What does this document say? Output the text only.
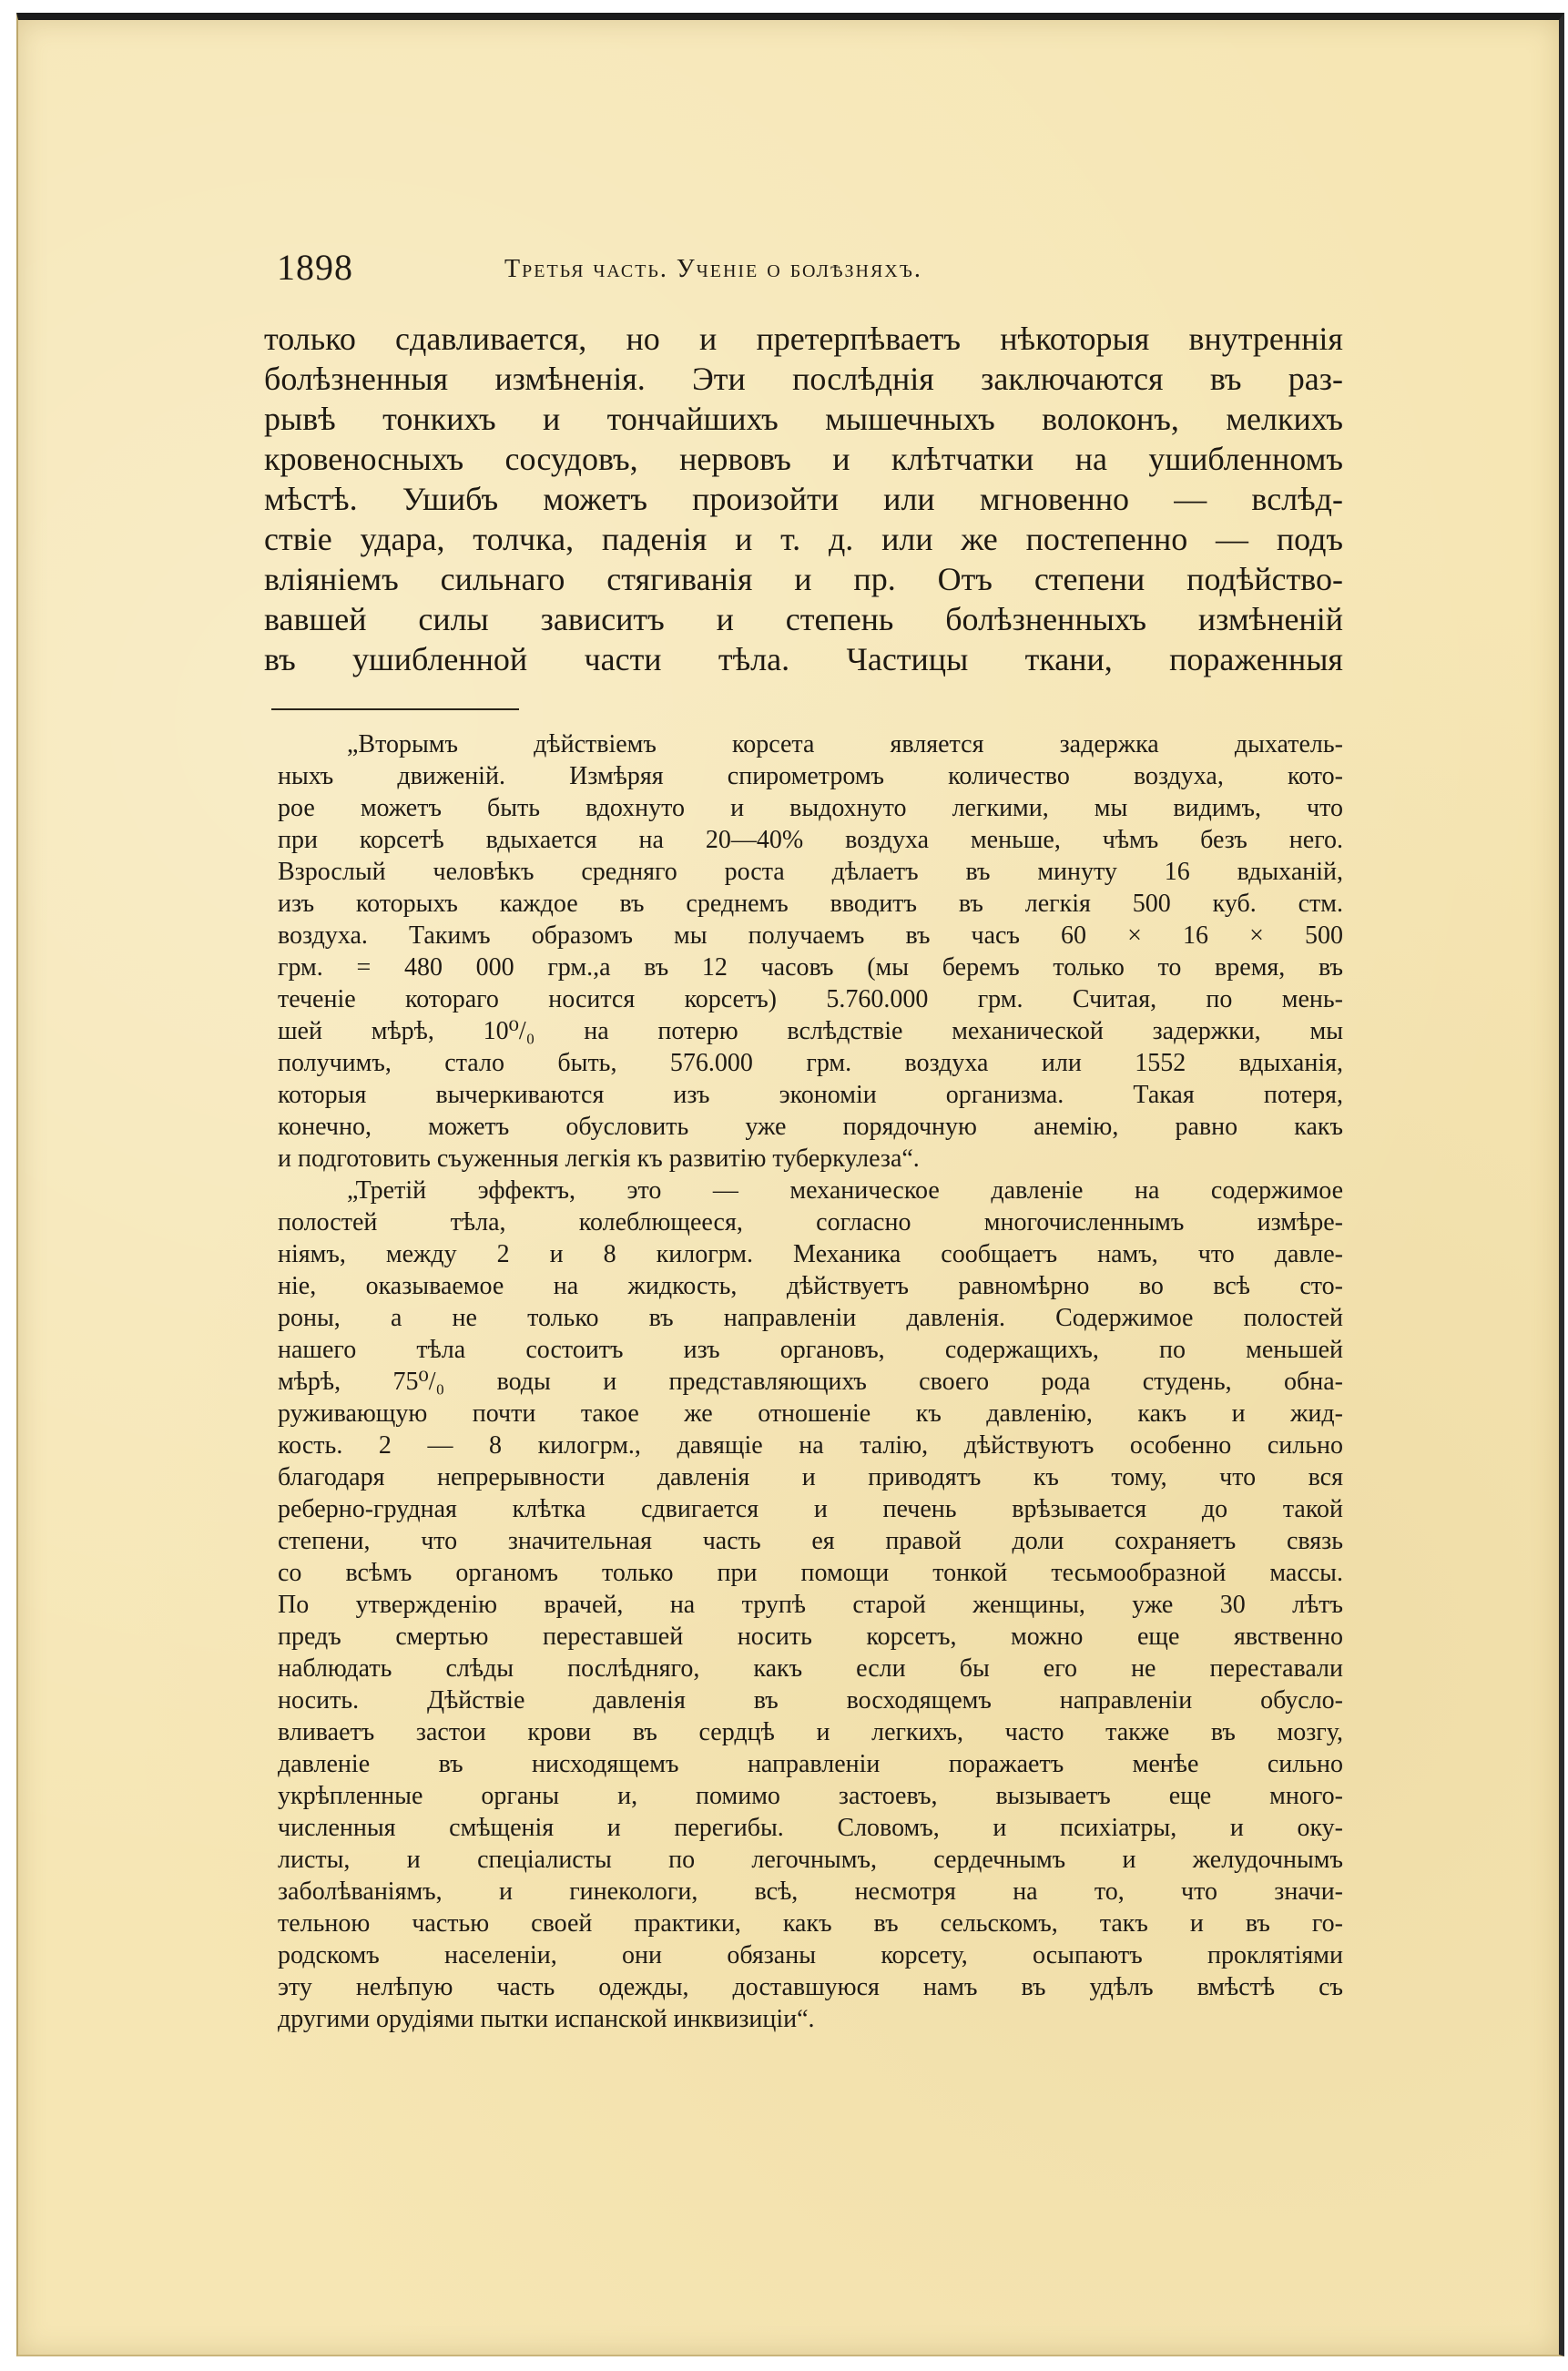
1898	Третья часть. Ученiе о болѣзняхъ.
только сдавливается, но и претерпѣваетъ нѣкоторыя внутреннiя
болѣзненныя измѣненiя. Эти послѣднiя заключаются въ раз-
рывѣ тонкихъ и тончайшихъ мышечныхъ волоконъ, мелкихъ
кровеносныхъ сосудовъ, нервовъ и клѣтчатки на ушибленномъ
мѣстѣ. Ушибъ можетъ произойти или мгновенно — вслѣд-
ствiе удара, толчка, паденiя и т. д. или же постепенно — подъ
влiянiемъ сильнаго стягиванiя и пр. Отъ степени подѣйство-
вавшей силы зависитъ и степень болѣзненныхъ измѣненiй
въ ушибленной части тѣла. Частицы ткани, пораженныя
„Вторымъ дѣйствiемъ корсета является задержка дыхатель-
ныхъ движенiй. Измѣряя спирометромъ количество воздуха, кото-
рое можетъ быть вдохнуто и выдохнуто легкими, мы видимъ, что
при корсетѣ вдыхается на 20—40% воздуха меньше, чѣмъ безъ него.
Взрослый человѣкъ средняго роста дѣлаетъ въ минуту 16 вдыханiй,
изъ которыхъ каждое въ среднемъ вводитъ въ легкiя 500 куб. стм.
воздуха. Такимъ образомъ мы получаемъ въ часъ 60 × 16 × 500
грм. = 480 000 грм.,а въ 12 часовъ (мы беремъ только то время, въ
теченiе котораго носится корсетъ) 5.760.000 грм. Считая, по мень-
шей мѣрѣ, 10⁰/₀ на потерю вслѣдствiе механической задержки, мы
получимъ, стало быть, 576.000 грм. воздуха или 1552 вдыханiя,
которыя вычеркиваются изъ экономiи организма. Такая потеря,
конечно, можетъ обусловить уже порядочную анемiю, равно какъ
и подготовить съуженныя легкiя къ развитiю туберкулеза“.
„Третiй эффектъ, это — механическое давленiе на содержимое
полостей тѣла, колеблющееся, согласно многочисленнымъ измѣре-
нiямъ, между 2 и 8 килогрм. Механика сообщаетъ намъ, что давле-
нiе, оказываемое на жидкость, дѣйствуетъ равномѣрно во всѣ сто-
роны, а не только въ направленiи давленiя. Содержимое полостей
нашего тѣла состоитъ изъ органовъ, содержащихъ, по меньшей
мѣрѣ, 75⁰/₀ воды и представляющихъ своего рода студень, обна-
руживающую почти такое же отношенiе къ давленiю, какъ и жид-
кость. 2 — 8 килогрм., давящiе на талiю, дѣйствуютъ особенно сильно
благодаря непрерывности давленiя и приводятъ къ тому, что вся
реберно-грудная клѣтка сдвигается и печень врѣзывается до такой
степени, что значительная часть ея правой доли сохраняетъ связь
со всѣмъ органомъ только при помощи тонкой тесьмообразной массы.
По утвержденiю врачей, на трупѣ старой женщины, уже 30 лѣтъ
предъ смертью переставшей носить корсетъ, можно еще явственно
наблюдать слѣды послѣдняго, какъ если бы его не переставали
носить. Дѣйствiе давленiя въ восходящемъ направленiи обусло-
вливаетъ застои крови въ сердцѣ и легкихъ, часто также въ мозгу,
давленiе въ нисходящемъ направленiи поражаетъ менѣе сильно
укрѣпленные органы и, помимо застоевъ, вызываетъ еще много-
численныя смѣщенiя и перегибы. Словомъ, и психiатры, и оку-
листы, и спецiалисты по легочнымъ, сердечнымъ и желудочнымъ
заболѣванiямъ, и гинекологи, всѣ, несмотря на то, что значи-
тельною частью своей практики, какъ въ сельскомъ, такъ и въ го-
родскомъ населенiи, они обязаны корсету, осыпаютъ проклятiями
эту нелѣпую часть одежды, доставшуюся намъ въ удѣлъ вмѣстѣ съ
другими орудiями пытки испанской инквизицiи“.
